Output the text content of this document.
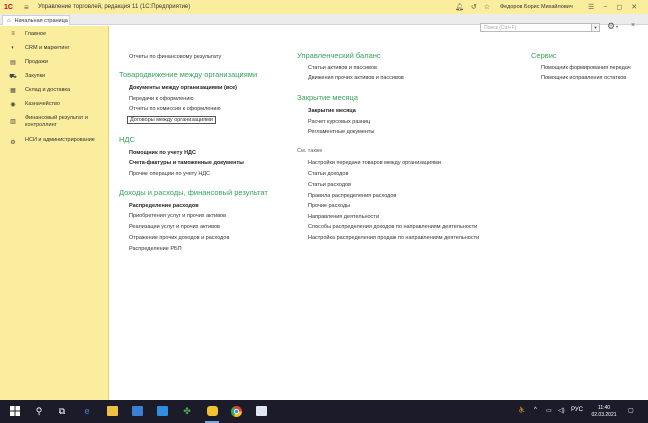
1С	≡	Управление торговлей, редакция 11 (1С:Предприятие)	🔔︎ ↺ ☆ Федоров Борис Михайлович ☰ − ◻ ✕
⌂ Начальная страница
≡	Главное
◐	CRM и маркетинг
▤ Продажи
⛟ Закупки
▦ Склад и доставка
◉ Казначейство
▥
Финансовый результат и контроллинг
⚙ НСИ и администрирование
Поиск (Ctrl+F)	▾	⚙ ▾ ×
Отчеты по финансовому результату
Товародвижение между организациями
Документы между организациями (все)
Передачи к оформлению
Отчеты по комиссии к оформлению
Договоры между организациями
НДС
Помощник по учету НДС
Счета-фактуры и таможенные документы
Прочие операции по учету НДС
Доходы и расходы, финансовый результат
Распределение расходов
Приобретения услуг и прочих активов
Реализации услуг и прочих активов
Отражение прочих доходов и расходов
Распределение РБП
Управленческий баланс
Статьи активов и пассивов
Движения прочих активов и пассивов
Закрытие месяца
Закрытие месяца
Расчет курсовых разниц
Регламентные документы
См. также
Настройки передачи товаров между организациями
Статьи доходов
Статьи расходов
Правила распределения расходов
Прочие расходы
Направления деятельности
Способы распределения доходов по направлениям деятельности
Настройка распределения продаж по направлениям деятельности
Сервис
Помощник формирования передач
Помощник исправления остатков
⚲	⧉	e	✤	⛹ ^ ▭ ◁) РУС	11:40
02.03.2021
▢
